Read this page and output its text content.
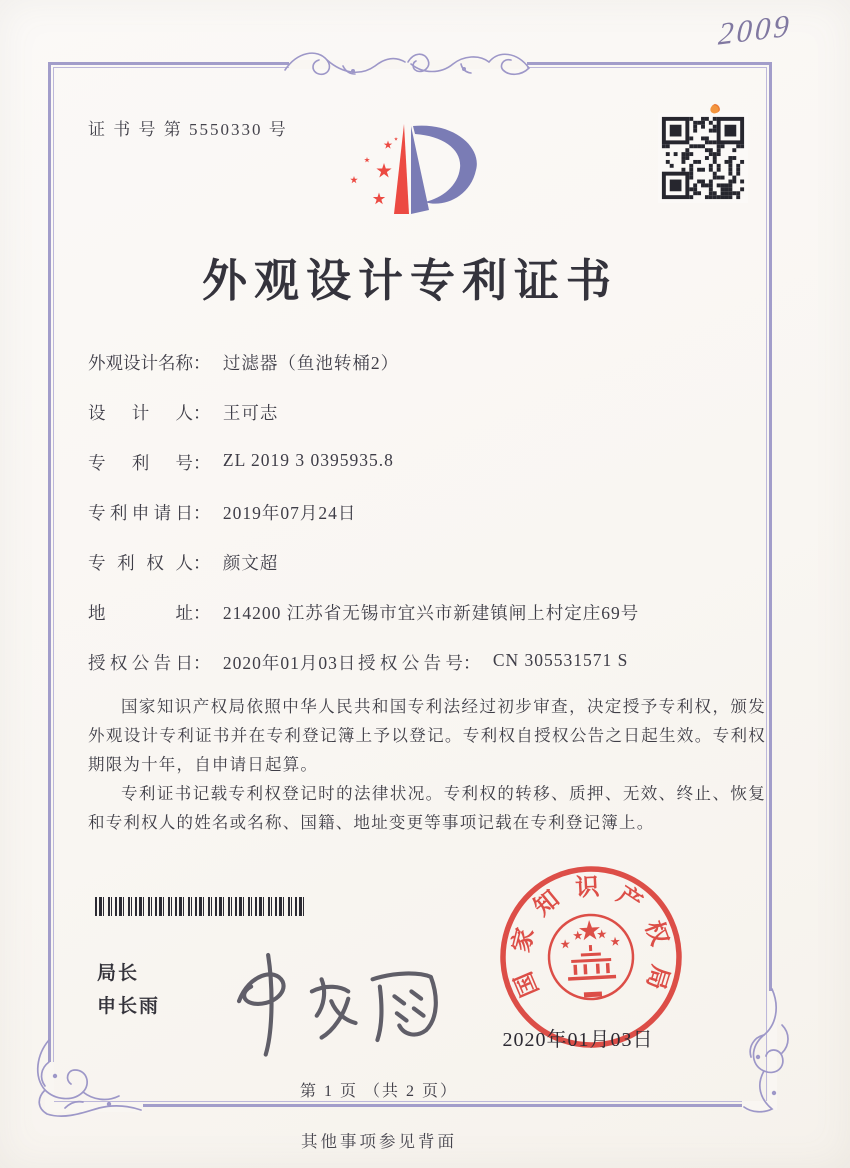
证 书 号 第 5550330 号
2009
外观设计专利证书
外观设计名称： 过滤器（鱼池转桶2）
设计人： 王可志
专利号： ZL 2019 3 0395935.8
专利申请日： 2019年07月24日
专利权人： 颜文超
地址： 214200 江苏省无锡市宜兴市新建镇闸上村定庄69号
授权公告日： 2020年01月03日 授权公告号： CN 305531571 S

国家知识产权局依照中华人民共和国专利法经过初步审查，决定授予专利权，颁发外观设计专利证书并在专利登记簿上予以登记。专利权自授权公告之日起生效。专利权期限为十年，自申请日起算。

专利证书记载专利权登记时的法律状况。专利权的转移、质押、无效、终止、恢复和专利权人的姓名或名称、国籍、地址变更等事项记载在专利登记簿上。

局长
申长雨
国
家
知 识 产
权
局
2020年01月03日
第 1 页 （共 2 页）
其他事项参见背面
